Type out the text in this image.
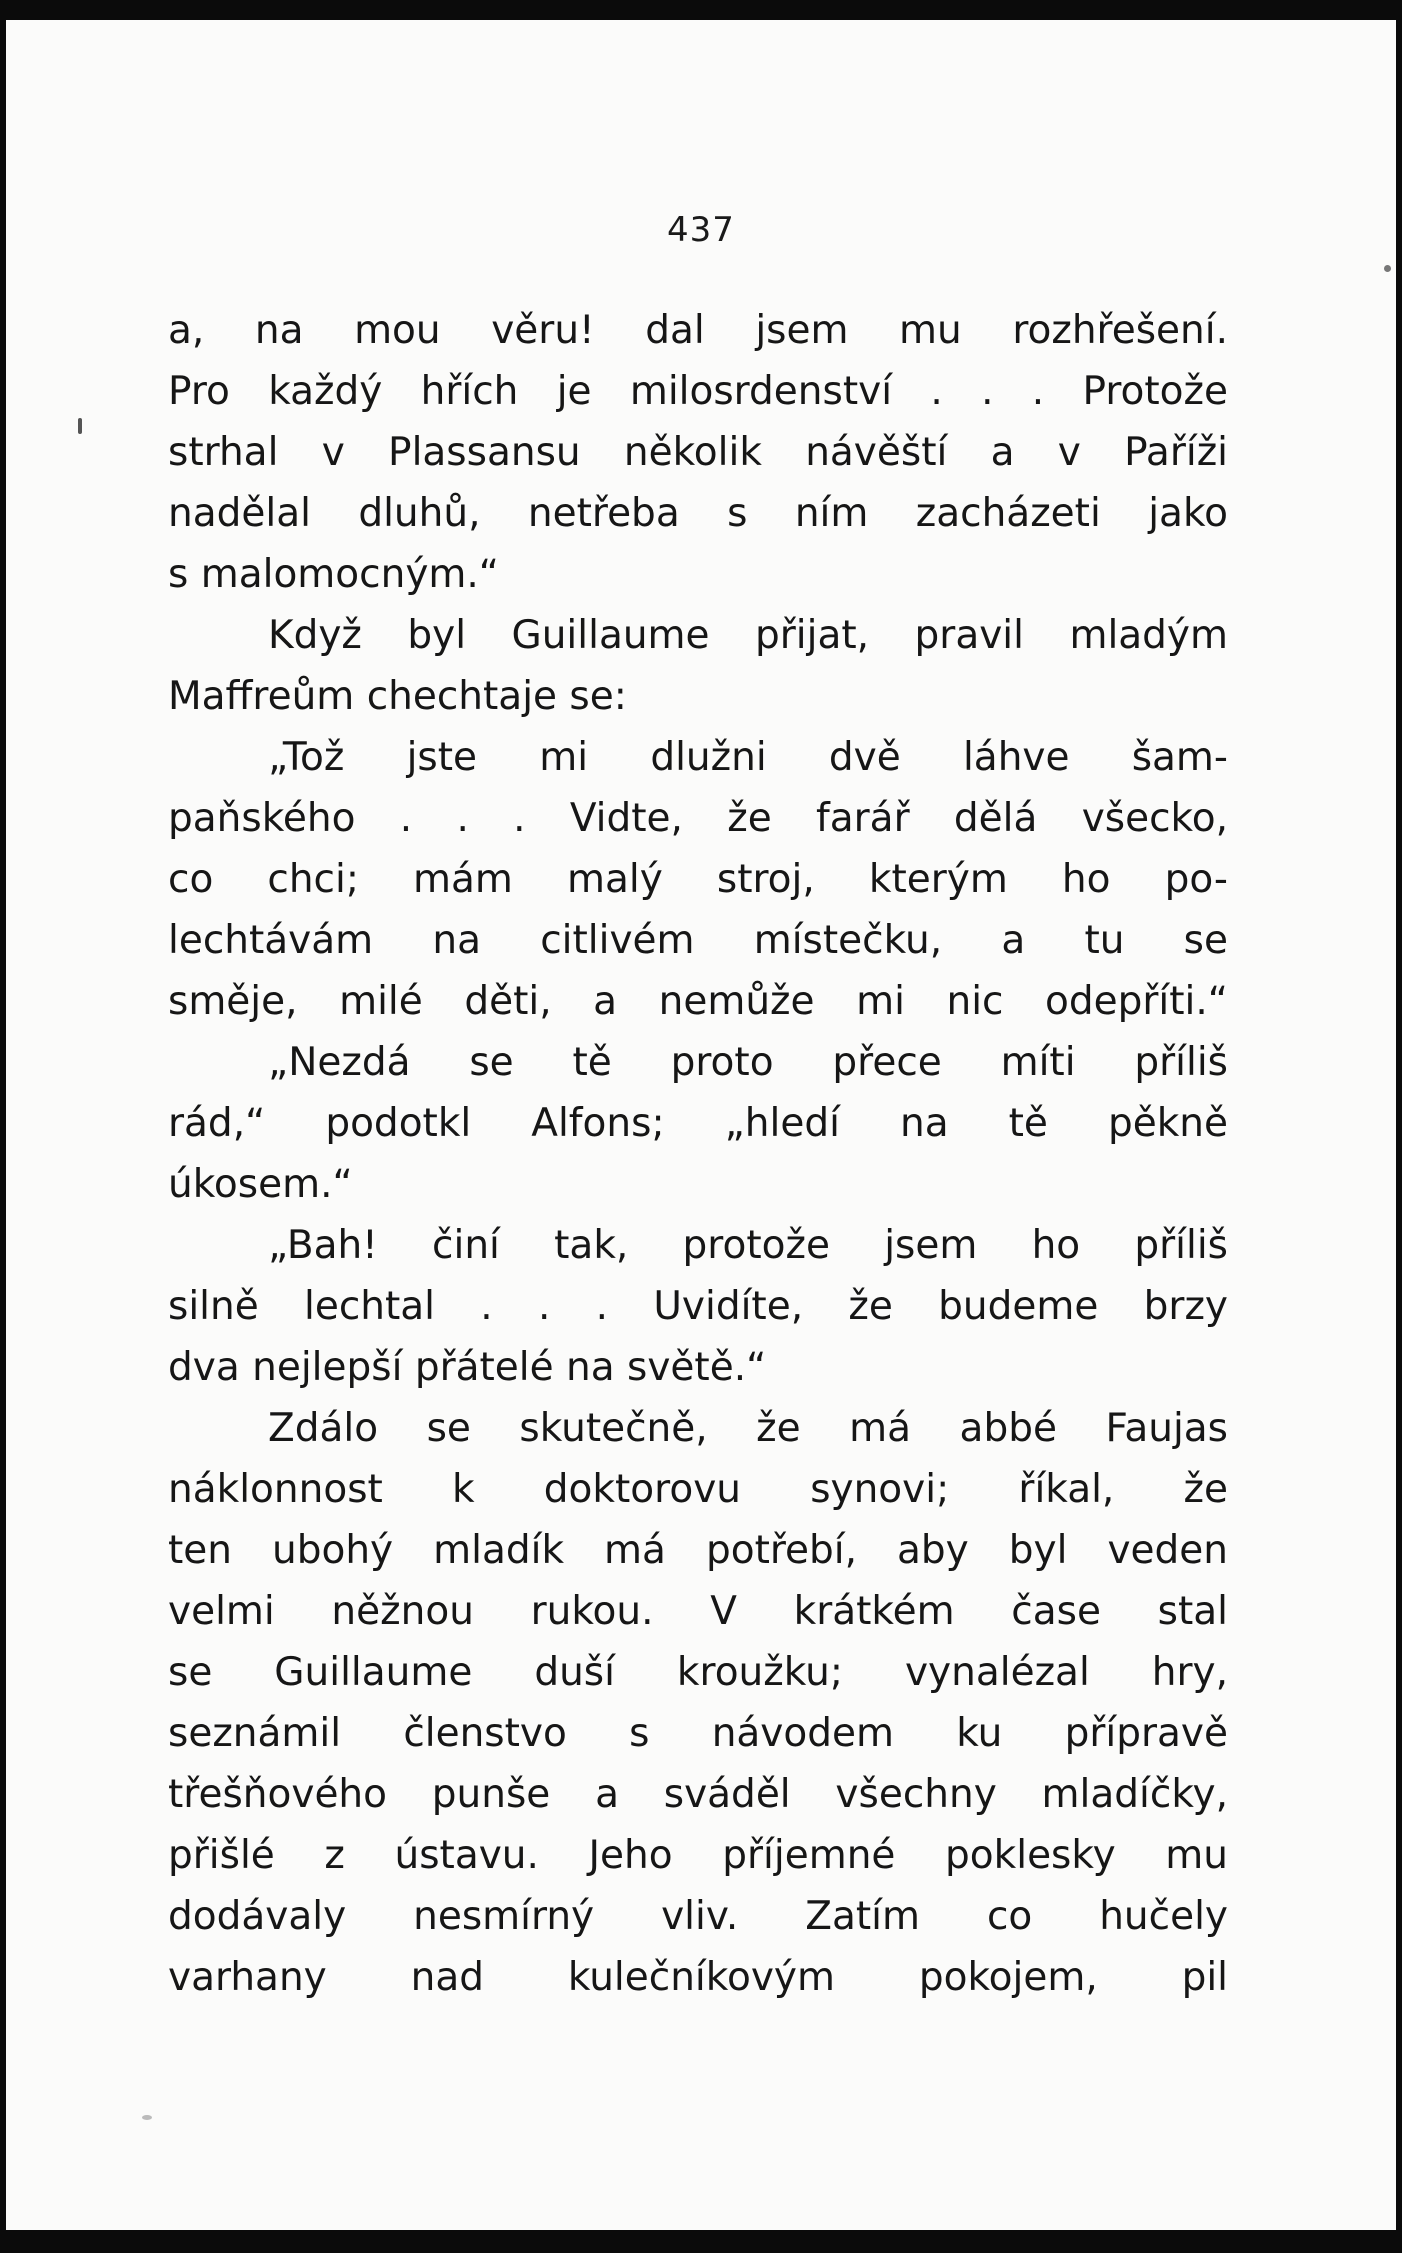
437
a, na mou věru! dal jsem mu rozhřešení.
Pro každý hřích je milosrdenství . . . Protože
strhal v Plassansu několik návěští a v Paříži
nadělal dluhů, netřeba s ním zacházeti jako
s malomocným.“
Když byl Guillaume přijat, pravil mladým
Maffreům chechtaje se:
„Tož jste mi dlužni dvě láhve šam-
paňského . . . Vidte, že farář dělá všecko,
co chci; mám malý stroj, kterým ho po-
lechtávám na citlivém místečku, a tu se
směje, milé děti, a nemůže mi nic odepříti.“
„Nezdá se tě proto přece míti příliš
rád,“ podotkl Alfons; „hledí na tě pěkně
úkosem.“
„Bah! činí tak, protože jsem ho příliš
silně lechtal . . . Uvidíte, že budeme brzy
dva nejlepší přátelé na světě.“
Zdálo se skutečně, že má abbé Faujas
náklonnost k doktorovu synovi; říkal, že
ten ubohý mladík má potřebí, aby byl veden
velmi něžnou rukou. V krátkém čase stal
se Guillaume duší kroužku; vynalézal hry,
seznámil členstvo s návodem ku přípravě
třešňového punše a sváděl všechny mladíčky,
přišlé z ústavu. Jeho příjemné poklesky mu
dodávaly nesmírný vliv. Zatím co hučely
varhany nad kulečníkovým pokojem, pil
